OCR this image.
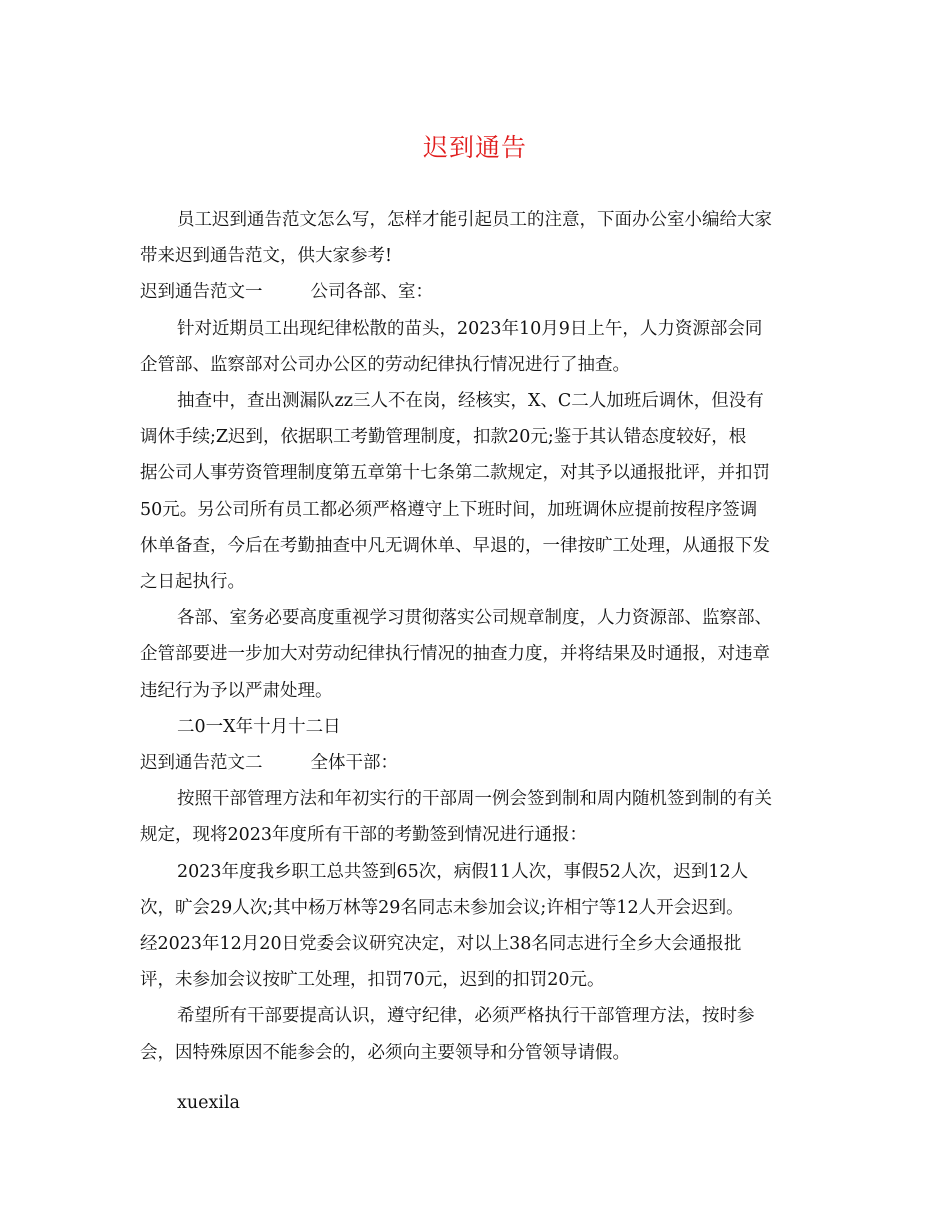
迟到通告
员工迟到通告范文怎么写，怎样才能引起员工的注意，下面办公室小编给大家
带来迟到通告范文，供大家参考!
迟到通告范文一	公司各部、室：
针对近期员工出现纪律松散的苗头，2023年10月9日上午，人力资源部会同
企管部、监察部对公司办公区的劳动纪律执行情况进行了抽查。
抽查中，查出测漏队zz三人不在岗，经核实，X、C二人加班后调休，但没有
调休手续;Z迟到，依据职工考勤管理制度，扣款20元;鉴于其认错态度较好，根
据公司人事劳资管理制度第五章第十七条第二款规定，对其予以通报批评，并扣罚
50元。另公司所有员工都必须严格遵守上下班时间，加班调休应提前按程序签调
休单备查，今后在考勤抽查中凡无调休单、早退的，一律按旷工处理，从通报下发
之日起执行。
各部、室务必要高度重视学习贯彻落实公司规章制度，人力资源部、监察部、
企管部要进一步加大对劳动纪律执行情况的抽查力度，并将结果及时通报，对违章
违纪行为予以严肃处理。
二0一X年十月十二日
迟到通告范文二	全体干部：
按照干部管理方法和年初实行的干部周一例会签到制和周内随机签到制的有关
规定，现将2023年度所有干部的考勤签到情况进行通报：
2023年度我乡职工总共签到65次，病假11人次，事假52人次，迟到12人
次，旷会29人次;其中杨万林等29名同志未参加会议;许相宁等12人开会迟到。
经2023年12月20日党委会议研究决定，对以上38名同志进行全乡大会通报批
评，未参加会议按旷工处理，扣罚70元，迟到的扣罚20元。
希望所有干部要提高认识，遵守纪律，必须严格执行干部管理方法，按时参
会，因特殊原因不能参会的，必须向主要领导和分管领导请假。
xuexila
